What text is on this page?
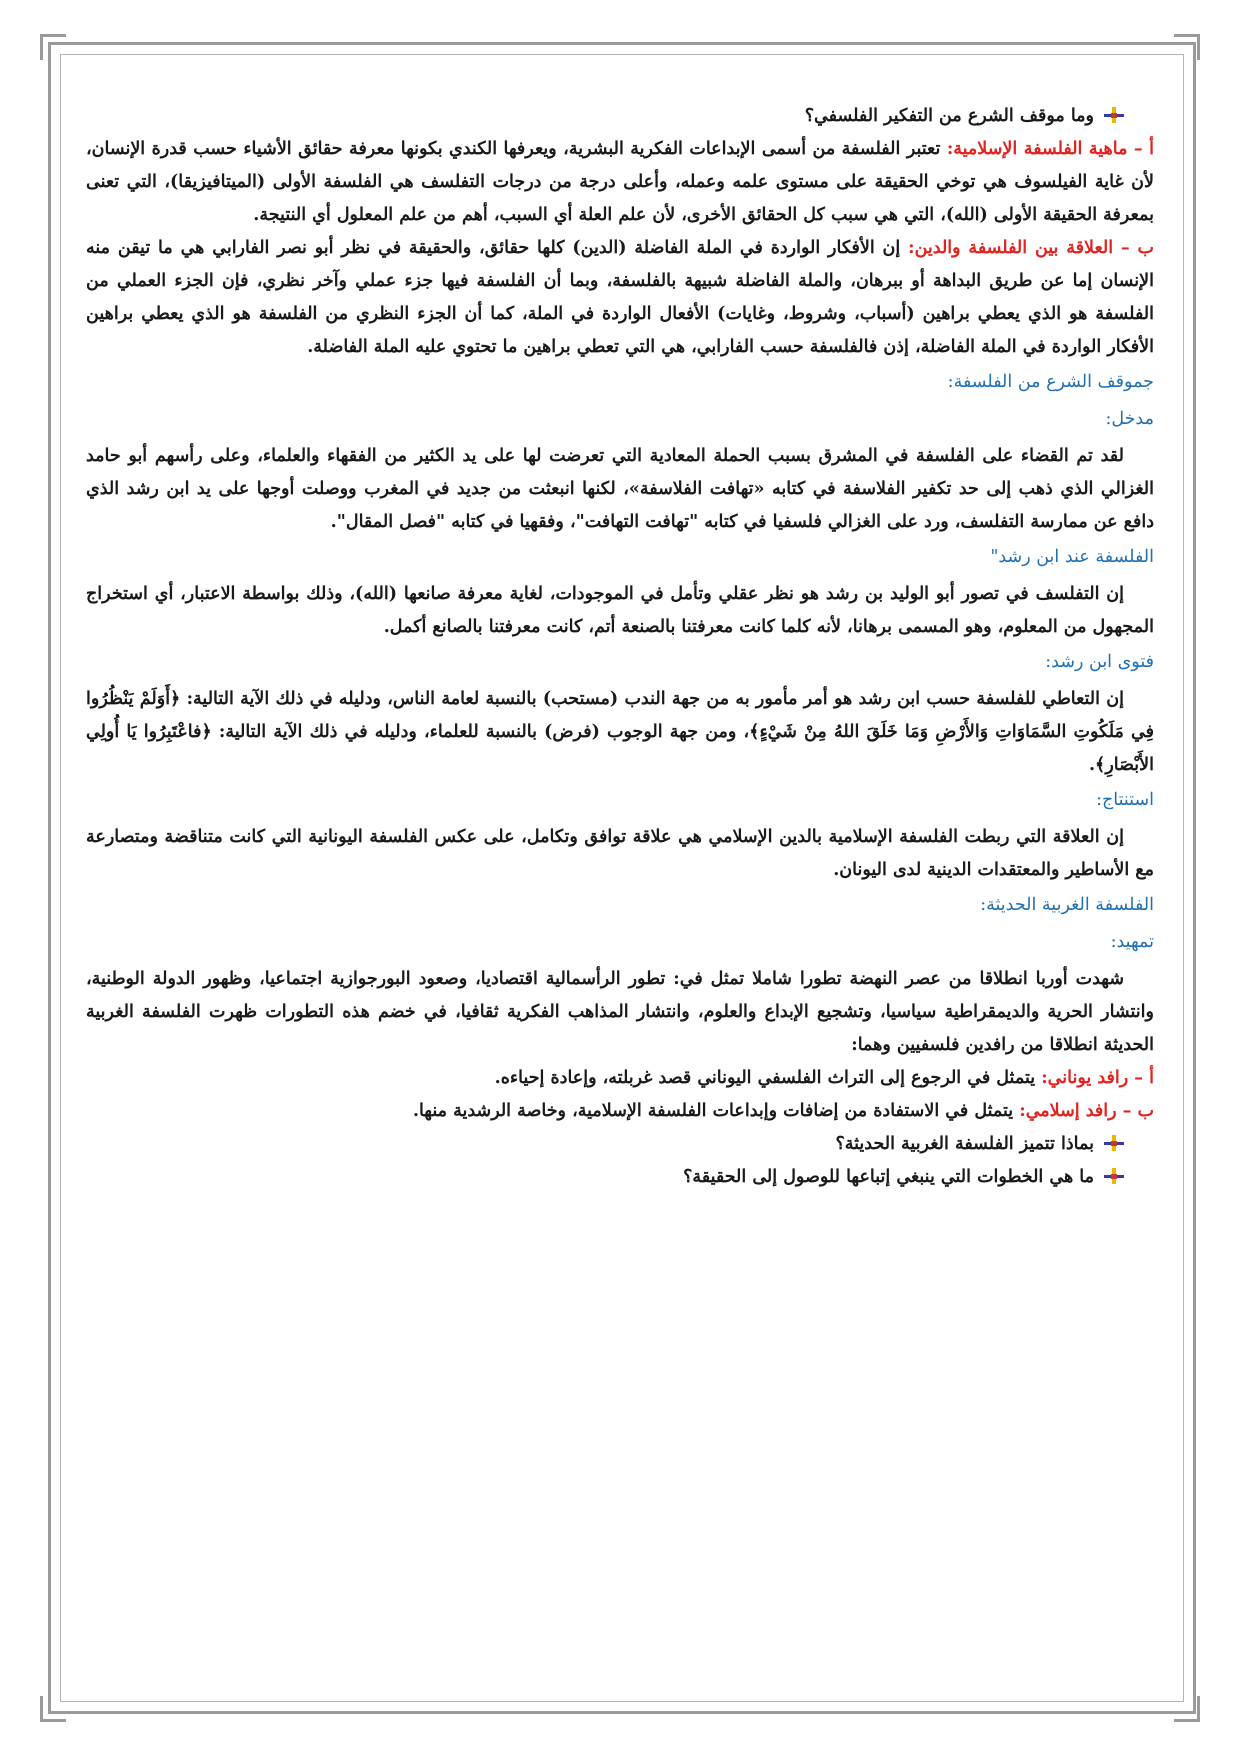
وما موقف الشرع من التفكير الفلسفي؟

أ – ماهية الفلسفة الإسلامية: تعتبر الفلسفة من أسمى الإبداعات الفكرية البشرية، ويعرفها الكندي بكونها معرفة حقائق الأشياء حسب قدرة الإنسان، لأن غاية الفيلسوف هي توخي الحقيقة على مستوى علمه وعمله، وأعلى درجة من درجات التفلسف هي الفلسفة الأولى (الميتافيزيقا)، التي تعنى بمعرفة الحقيقة الأولى (الله)، التي هي سبب كل الحقائق الأخرى، لأن علم العلة أي السبب، أهم من علم المعلول أي النتيجة.

ب – العلاقة بين الفلسفة والدين: إن الأفكار الواردة في الملة الفاضلة (الدين) كلها حقائق، والحقيقة في نظر أبو نصر الفارابي هي ما تيقن منه الإنسان إما عن طريق البداهة أو ببرهان، والملة الفاضلة شبيهة بالفلسفة، وبما أن الفلسفة فيها جزء عملي وآخر نظري، فإن الجزء العملي من الفلسفة هو الذي يعطي براهين (أسباب، وشروط، وغايات) الأفعال الواردة في الملة، كما أن الجزء النظري من الفلسفة هو الذي يعطي براهين الأفكار الواردة في الملة الفاضلة، إذن فالفلسفة حسب الفارابي، هي التي تعطي براهين ما تحتوي عليه الملة الفاضلة.

جموقف الشرع من الفلسفة:

مدخل:

لقد تم القضاء على الفلسفة في المشرق بسبب الحملة المعادية التي تعرضت لها على يد الكثير من الفقهاء والعلماء، وعلى رأسهم أبو حامد الغزالي الذي ذهب إلى حد تكفير الفلاسفة في كتابه «تهافت الفلاسفة»، لكنها انبعثت من جديد في المغرب ووصلت أوجها على يد ابن رشد الذي دافع عن ممارسة التفلسف، ورد على الغزالي فلسفيا في كتابه "تهافت التهافت"، وفقهيا في كتابه "فصل المقال".

الفلسفة عند ابن رشد"

إن التفلسف في تصور أبو الوليد بن رشد هو نظر عقلي وتأمل في الموجودات، لغاية معرفة صانعها (الله)، وذلك بواسطة الاعتبار، أي استخراج المجهول من المعلوم، وهو المسمى برهانا، لأنه كلما كانت معرفتنا بالصنعة أتم، كانت معرفتنا بالصانع أكمل.

فتوى ابن رشد:

إن التعاطي للفلسفة حسب ابن رشد هو أمر مأمور به من جهة الندب (مستحب) بالنسبة لعامة الناس، ودليله في ذلك الآية التالية: ﴿أَوَلَمْ يَنْظُرُوا فِي مَلَكُوتِ السَّمَاوَاتِ وَالأَرْضِ وَمَا خَلَقَ اللهُ مِنْ شَيْءٍ﴾، ومن جهة الوجوب (فرض) بالنسبة للعلماء، ودليله في ذلك الآية التالية: ﴿فاعْتَبِرُوا يَا أُولِي الأَبْصَارِ﴾.

استنتاج:

إن العلاقة التي ربطت الفلسفة الإسلامية بالدين الإسلامي هي علاقة توافق وتكامل، على عكس الفلسفة اليونانية التي كانت متناقضة ومتصارعة مع الأساطير والمعتقدات الدينية لدى اليونان.

الفلسفة الغربية الحديثة:

تمهيد:

شهدت أوربا انطلاقا من عصر النهضة تطورا شاملا تمثل في: تطور الرأسمالية اقتصاديا، وصعود البورجوازية اجتماعيا، وظهور الدولة الوطنية، وانتشار الحرية والديمقراطية سياسيا، وتشجيع الإبداع والعلوم، وانتشار المذاهب الفكرية ثقافيا، في خضم هذه التطورات ظهرت الفلسفة الغربية الحديثة انطلاقا من رافدين فلسفيين وهما:

أ – رافد يوناني: يتمثل في الرجوع إلى التراث الفلسفي اليوناني قصد غربلته، وإعادة إحياءه.

ب – رافد إسلامي: يتمثل في الاستفادة من إضافات وإبداعات الفلسفة الإسلامية، وخاصة الرشدية منها.

بماذا تتميز الفلسفة الغربية الحديثة؟

ما هي الخطوات التي ينبغي إتباعها للوصول إلى الحقيقة؟
